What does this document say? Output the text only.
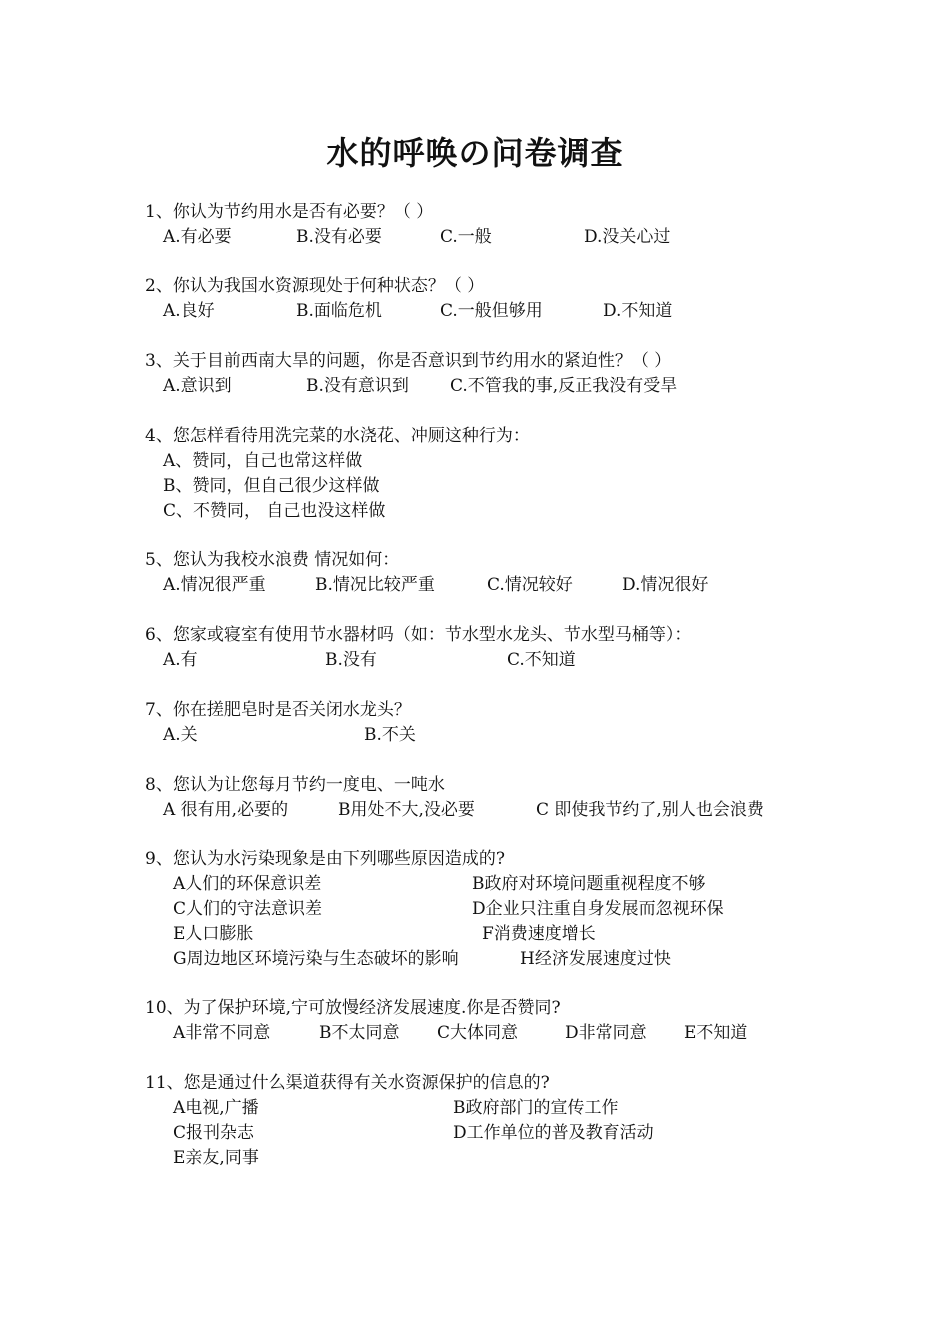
水的呼唤の问卷调查
1、你认为节约用水是否有必要？（ ）
A.有必要	B.没有必要	C.一般	D.没关心过
2、你认为我国水资源现处于何种状态？（ ）
A.良好	B.面临危机	C.一般但够用	D.不知道
3、关于目前西南大旱的问题，你是否意识到节约用水的紧迫性？（ ）
A.意识到	B.没有意识到 C.不管我的事,反正我没有受旱
4、您怎样看待用洗完菜的水浇花、冲厕这种行为：
A、赞同，自己也常这样做
B、赞同，但自己很少这样做
C、不赞同， 自己也没这样做
5、您认为我校水浪费 情况如何：
A.情况很严重	B.情况比较严重	C.情况较好	D.情况很好
6、您家或寝室有使用节水器材吗（如：节水型水龙头、节水型马桶等）：
A.有	B.没有	C.不知道
7、你在搓肥皂时是否关闭水龙头？
A.关	B.不关
8、您认为让您每月节约一度电、一吨水
A 很有用,必要的	B用处不大,没必要	C 即使我节约了,别人也会浪费
9、您认为水污染现象是由下列哪些原因造成的?
A人们的环保意识差	B政府对环境问题重视程度不够
C人们的守法意识差	D企业只注重自身发展而忽视环保
E人口膨胀	F消费速度增长
G周边地区环境污染与生态破坏的影响	H经济发展速度过快
10、为了保护环境,宁可放慢经济发展速度.你是否赞同?
A非常不同意	B不太同意 C大体同意	D非常同意 E不知道
11、您是通过什么渠道获得有关水资源保护的信息的?
A电视,广播	B政府部门的宣传工作
C报刊杂志	D工作单位的普及教育活动
E亲友,同事
